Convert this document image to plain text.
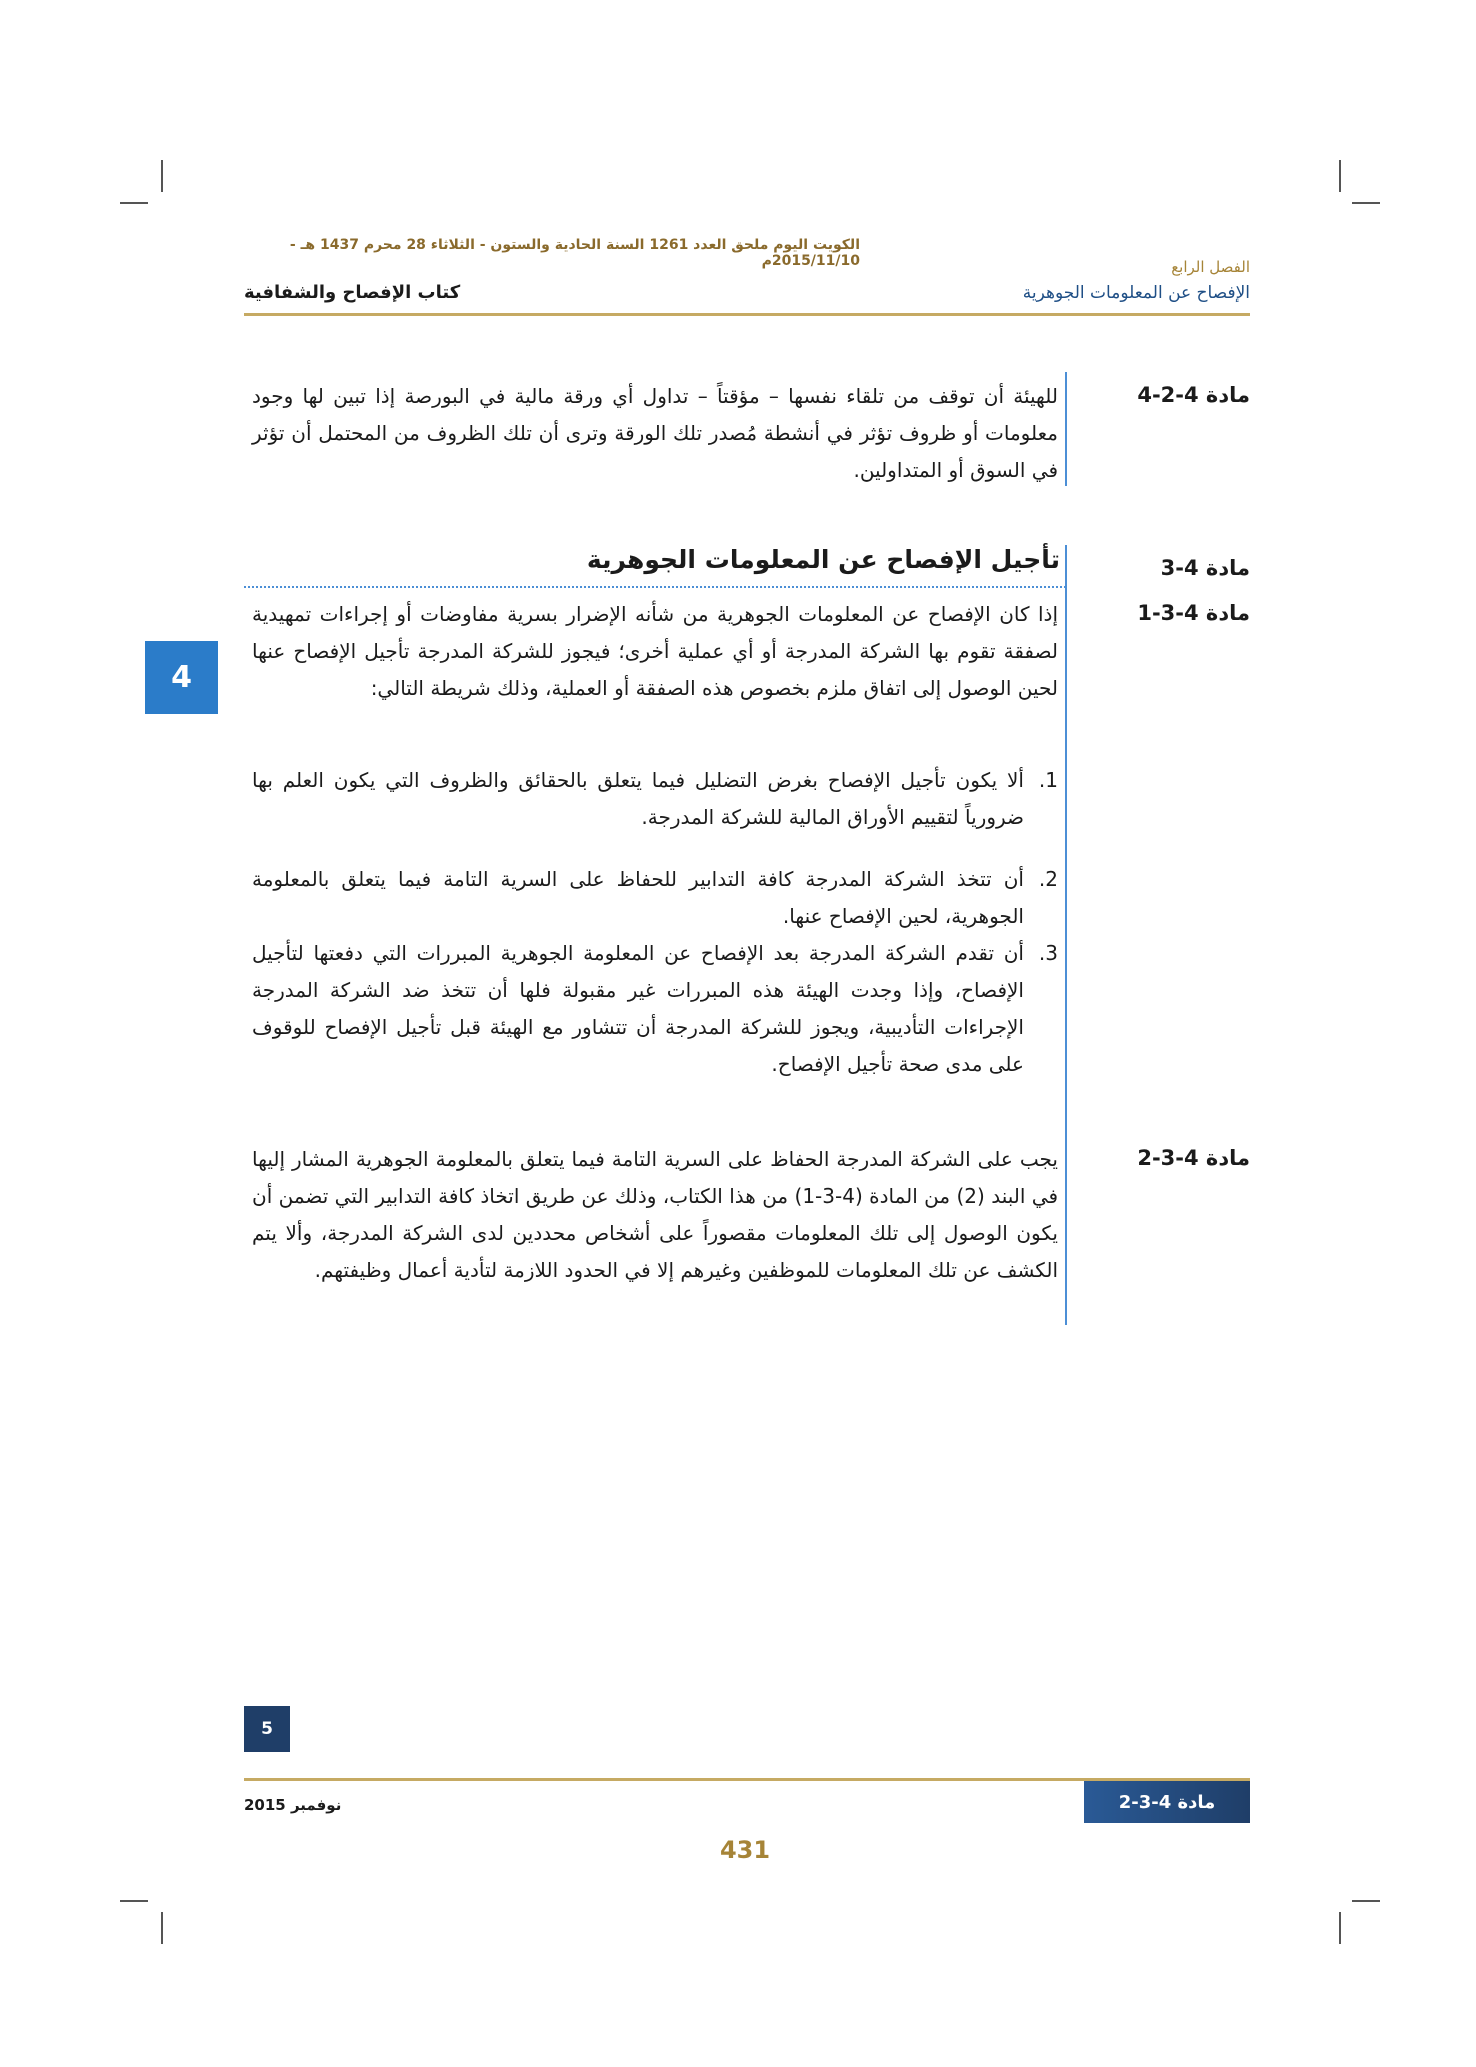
الكويت اليوم ملحق العدد 1261 السنة الحادية والستون - الثلاثاء 28 محرم 1437 هـ - 2015/11/10م	الفصل الرابع
الإفصاح عن المعلومات الجوهرية
كتاب الإفصاح والشفافية
مادة 4-2-4
للهيئة أن توقف من تلقاء نفسها – مؤقتاً – تداول أي ورقة مالية في البورصة إذا تبين لها وجود معلومات أو ظروف تؤثر في أنشطة مُصدر تلك الورقة وترى أن تلك الظروف من المحتمل أن تؤثر في السوق أو المتداولين.
مادة 4-3
تأجيل الإفصاح عن المعلومات الجوهرية
مادة 4-3-1
إذا كان الإفصاح عن المعلومات الجوهرية من شأنه الإضرار بسرية مفاوضات أو إجراءات تمهيدية لصفقة تقوم بها الشركة المدرجة أو أي عملية أخرى؛ فيجوز للشركة المدرجة تأجيل الإفصاح عنها لحين الوصول إلى اتفاق ملزم بخصوص هذه الصفقة أو العملية، وذلك شريطة التالي:
1.
ألا يكون تأجيل الإفصاح بغرض التضليل فيما يتعلق بالحقائق والظروف التي يكون العلم بها ضرورياً لتقييم الأوراق المالية للشركة المدرجة.
2.
أن تتخذ الشركة المدرجة كافة التدابير للحفاظ على السرية التامة فيما يتعلق بالمعلومة الجوهرية، لحين الإفصاح عنها.
3.
أن تقدم الشركة المدرجة بعد الإفصاح عن المعلومة الجوهرية المبررات التي دفعتها لتأجيل الإفصاح، وإذا وجدت الهيئة هذه المبررات غير مقبولة فلها أن تتخذ ضد الشركة المدرجة الإجراءات التأديبية، ويجوز للشركة المدرجة أن تتشاور مع الهيئة قبل تأجيل الإفصاح للوقوف على مدى صحة تأجيل الإفصاح.
مادة 4-3-2
يجب على الشركة المدرجة الحفاظ على السرية التامة فيما يتعلق بالمعلومة الجوهرية المشار إليها في البند (2) من المادة (4-3-1) من هذا الكتاب، وذلك عن طريق اتخاذ كافة التدابير التي تضمن أن يكون الوصول إلى تلك المعلومات مقصوراً على أشخاص محددين لدى الشركة المدرجة، وألا يتم الكشف عن تلك المعلومات للموظفين وغيرهم إلا في الحدود اللازمة لتأدية أعمال وظيفتهم.
4
5
نوفمبر 2015	مادة 4-3-2
431
